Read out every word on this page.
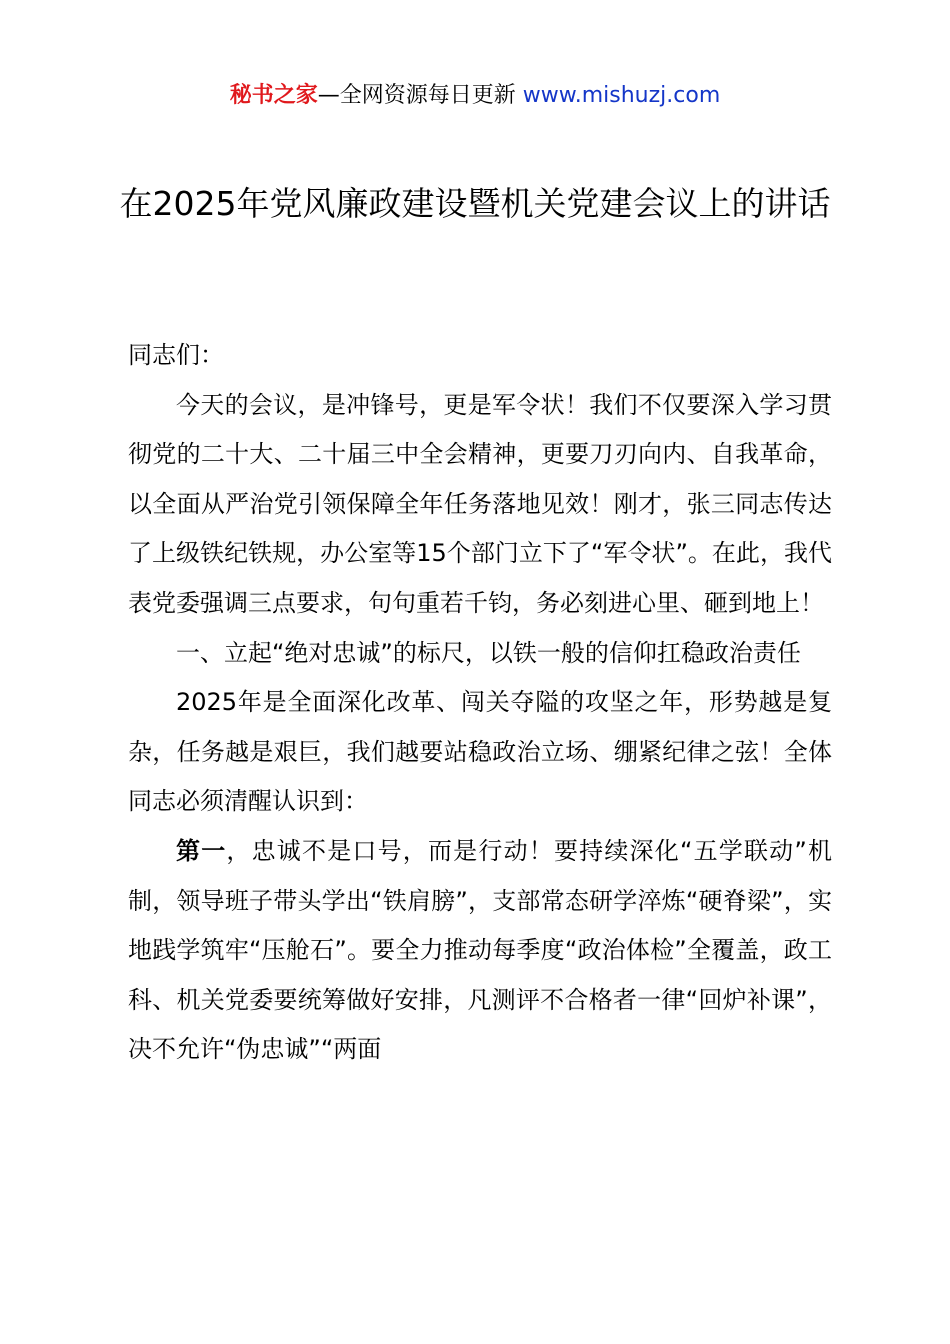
秘书之家—全网资源每日更新 www.mishuzj.com
在2025年党风廉政建设暨机关党建会议上的讲话

同志们：

今天的会议，是冲锋号，更是军令状！我们不仅要深入学习贯彻党的二十大、二十届三中全会精神，更要刀刃向内、自我革命，以全面从严治党引领保障全年任务落地见效！刚才，张三同志传达了上级铁纪铁规，办公室等15个部门立下了“军令状”。在此，我代表党委强调三点要求，句句重若千钧，务必刻进心里、砸到地上！

一、立起“绝对忠诚”的标尺，以铁一般的信仰扛稳政治责任

2025年是全面深化改革、闯关夺隘的攻坚之年，形势越是复杂，任务越是艰巨，我们越要站稳政治立场、绷紧纪律之弦！全体同志必须清醒认识到：

第一，忠诚不是口号，而是行动！要持续深化“五学联动”机制，领导班子带头学出“铁肩膀”，支部常态研学淬炼“硬脊梁”，实地践学筑牢“压舱石”。要全力推动每季度“政治体检”全覆盖，政工科、机关党委要统筹做好安排，凡测评不合格者一律“回炉补课”，决不允许“伪忠诚”“两面
